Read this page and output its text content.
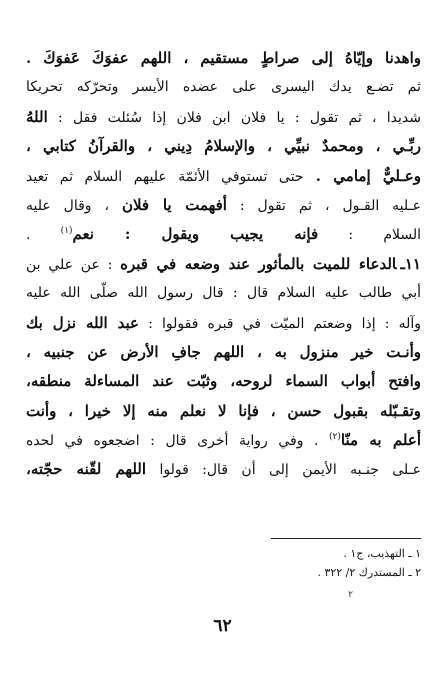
واهدنا وإيّاهُ إلى صراطٍ مستقيم ، اللهم عفوَكَ عَفوَكَ .
ثم تضـع يدك اليسرى على عضده الأيسر وتحرّكه تحريكا
شديدا ، ثم تقول : يا فلان ابن فلان إذا سُئلت فقل : اللهُ
ربِّـي ، ومحمدٌ نبيِّي ، والإسلامُ دِيني ، والقرآنُ كتابي ،
وعـليٌّ إمامي . حتى تستوفي الأئمّة عليهم السلام ثم تعيد
عـليه القـول ، ثم تقول : أفهمت يا فلان ، وقال عليه
السلام : فإنه يجيب ويقول : نعم$^{(١)}$ .
١١ـالدعاء للميت بالمأثور عند وضعه في قبره : عن علي بن
أبي طالب عليه السلام قال : قال رسول الله صلّى الله عليه
وآله : إذا وضعتم الميّت في قبره فقولوا : عبد الله نزل بك
وأنـت خير منزول به ، اللهم جافِ الأرض عن جنبيه ،
وافتح أبواب السماء لروحه، وثبّت عند المساءلة منطقه،
وتقـبّله بقبول حسن ، فإنا لا نعلم منه إلا خيرا ، وأنت
أعلم به منّا$^{(٢)}$ . وفي رواية أخرى قال : اضجعوه في لحده
عـلى جنـبه الأيمن إلى أن قال: قولوا اللهم لقّنه حجّته،
١ ـ التهذيب، ج١ .
٢ ـ المستدرك ٢/ ٣٢٢ .
٢
٦٢
